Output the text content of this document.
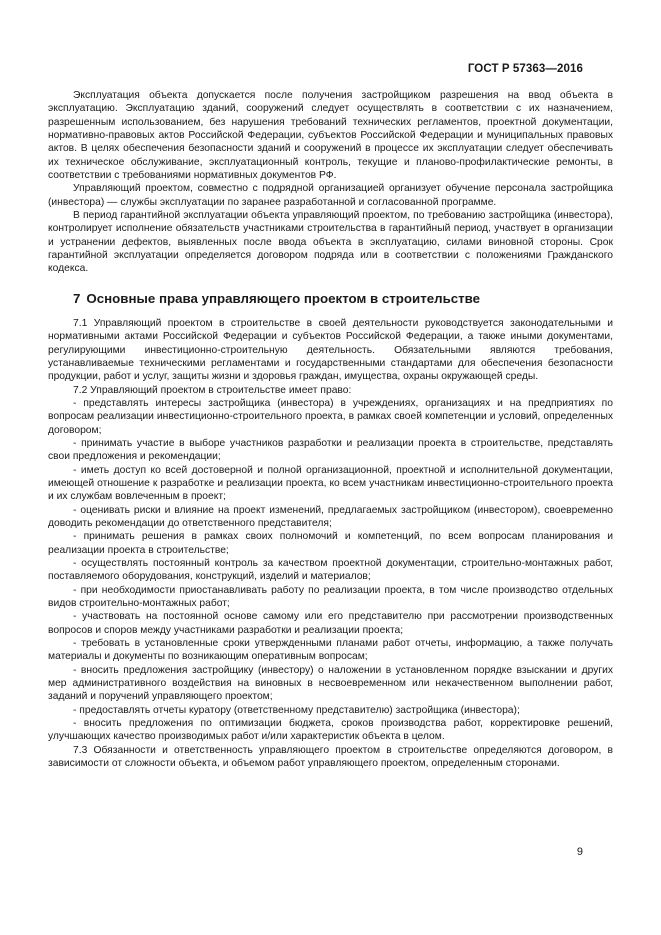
ГОСТ Р 57363—2016

Эксплуатация объекта допускается после получения застройщиком разрешения на ввод объекта в эксплуатацию. Эксплуатацию зданий, сооружений следует осуществлять в соответствии с их назначением, разрешенным использованием, без нарушения требований технических регламентов, проектной документации, нормативно-правовых актов Российской Федерации, субъектов Российской Федерации и муниципальных правовых актов. В целях обеспечения безопасности зданий и сооружений в процессе их эксплуатации следует обеспечивать их техническое обслуживание, эксплуатационный контроль, текущие и планово-профилактические ремонты, в соответствии с требованиями нормативных документов РФ.

Управляющий проектом, совместно с подрядной организацией организует обучение персонала застройщика (инвестора) — службы эксплуатации по заранее разработанной и согласованной программе.

В период гарантийной эксплуатации объекта управляющий проектом, по требованию застройщика (инвестора), контролирует исполнение обязательств участниками строительства в гарантийный период, участвует в организации и устранении дефектов, выявленных после ввода объекта в эксплуатацию, силами виновной стороны. Срок гарантийной эксплуатации определяется договором подряда или в соответствии с положениями Гражданского кодекса.

7 Основные права управляющего проектом в строительстве

7.1 Управляющий проектом в строительстве в своей деятельности руководствуется законодательными и нормативными актами Российской Федерации и субъектов Российской Федерации, а также иными документами, регулирующими инвестиционно-строительную деятельность. Обязательными являются требования, устанавливаемые техническими регламентами и государственными стандартами для обеспечения безопасности продукции, работ и услуг, защиты жизни и здоровья граждан, имущества, охраны окружающей среды.

7.2 Управляющий проектом в строительстве имеет право:

- представлять интересы застройщика (инвестора) в учреждениях, организациях и на предприятиях по вопросам реализации инвестиционно-строительного проекта, в рамках своей компетенции и условий, определенных договором;

- принимать участие в выборе участников разработки и реализации проекта в строительстве, представлять свои предложения и рекомендации;

- иметь доступ ко всей достоверной и полной организационной, проектной и исполнительной документации, имеющей отношение к разработке и реализации проекта, ко всем участникам инвестиционно-строительного проекта и их службам вовлеченным в проект;

- оценивать риски и влияние на проект изменений, предлагаемых застройщиком (инвестором), своевременно доводить рекомендации до ответственного представителя;

- принимать решения в рамках своих полномочий и компетенций, по всем вопросам планирования и реализации проекта в строительстве;

- осуществлять постоянный контроль за качеством проектной документации, строительно-монтажных работ, поставляемого оборудования, конструкций, изделий и материалов;

- при необходимости приостанавливать работу по реализации проекта, в том числе производство отдельных видов строительно-монтажных работ;

- участвовать на постоянной основе самому или его представителю при рассмотрении производственных вопросов и споров между участниками разработки и реализации проекта;

- требовать в установленные сроки утвержденными планами работ отчеты, информацию, а также получать материалы и документы по возникающим оперативным вопросам;

- вносить предложения застройщику (инвестору) о наложении в установленном порядке взыскании и других мер административного воздействия на виновных в несвоевременном или некачественном выполнении работ, заданий и поручений управляющего проектом;

- предоставлять отчеты куратору (ответственному представителю) застройщика (инвестора);

- вносить предложения по оптимизации бюджета, сроков производства работ, корректировке решений, улучшающих качество производимых работ и/или характеристик объекта в целом.

7.3 Обязанности и ответственность управляющего проектом в строительстве определяются договором, в зависимости от сложности объекта, и объемом работ управляющего проектом, определенным сторонами.

9
